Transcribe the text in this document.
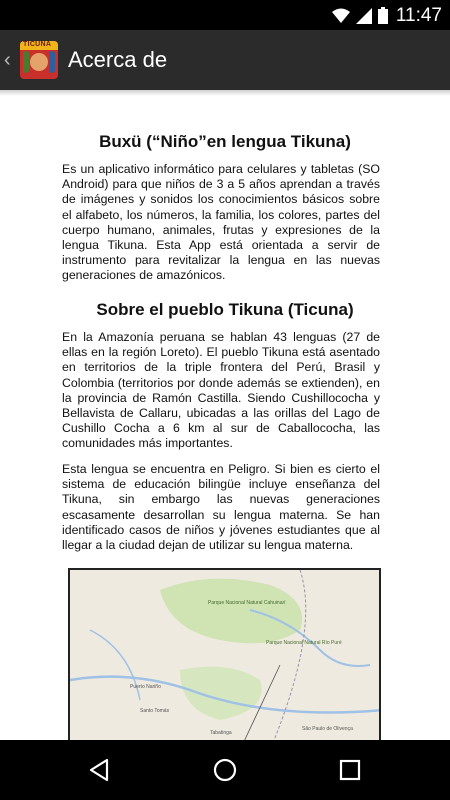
11:47
‹
TICUNA
Acerca de
Buxü (“Niño”en lengua Tikuna)

Es un aplicativo informático para celulares y tabletas (SO Android) para que niños de 3 a 5 años aprendan a través de imágenes y sonidos los conocimientos básicos sobre el alfabeto, los números, la familia, los colores, partes del cuerpo humano, animales, frutas y expresiones de la lengua Tikuna. Esta App está orientada a servir de instrumento para revitalizar la lengua en las nuevas generaciones de amazónicos.

Sobre el pueblo Tikuna (Ticuna)

En la Amazonía peruana se hablan 43 lenguas (27 de ellas en la región Loreto). El pueblo Tikuna está asentado en territorios de la triple frontera del Perú, Brasil y Colombia (territorios por donde además se extienden), en la provincia de Ramón Castilla. Siendo Cushillococha y Bellavista de Callaru, ubicadas a las orillas del Lago de Cushillo Cocha a 6 km al sur de Caballococha, las comunidades más importantes.

Esta lengua se encuentra en Peligro. Si bien es cierto el sistema de educación bilingüe incluye enseñanza del Tikuna, sin embargo las nuevas generaciones escasamente desarrollan su lengua materna. Se han identificado casos de niños y jóvenes estudiantes que al llegar a la ciudad dejan de utilizar su lengua materna.

Parque Nacional Natural Cahuinarí
Parque Nacional Natural Río Puré
Puerto Nariño
Santo Tomás
São Paulo de Olivença
Tabatinga
